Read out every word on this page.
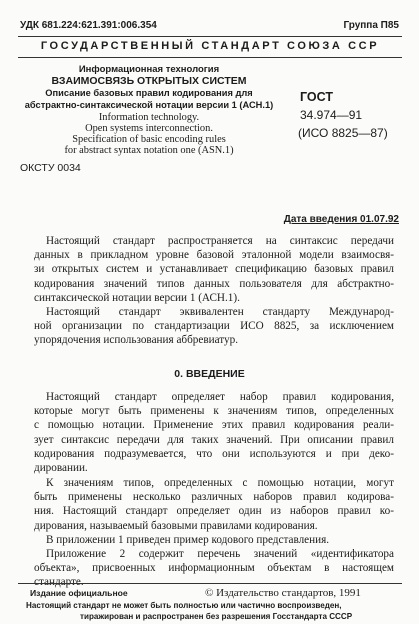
УДК 681.224:621.391:006.354	Группа П85
ГОСУДАРСТВЕННЫЙ СТАНДАРТ СОЮЗА ССР
Информационная технология
ВЗАИМОСВЯЗЬ ОТКРЫТЫХ СИСТЕМ
Описание базовых правил кодирования для
абстрактно-синтаксической нотации версии 1 (АСН.1)
Information technology.
Open systems interconnection.
Specification of basic encoding rules
for abstract syntax notation one (ASN.1)
ГОСТ
34.974—91
(ИСО 8825—87)
ОКСТУ 0034
Дата введения 01.07.92
Настоящий стандарт распространяется на синтаксис передачи
данных в прикладном уровне базовой эталонной модели взаимосвя-
зи открытых систем и устанавливает спецификацию базовых правил
кодирования значений типов данных пользователя для абстрактно-
синтаксической нотации версии 1 (АСН.1).
Настоящий стандарт эквивалентен стандарту Международ-
ной организации по стандартизации ИСО 8825, за исключением
упорядочения использования аббревиатур.
0. ВВЕДЕНИЕ
Настоящий стандарт определяет набор правил кодирования,
которые могут быть применены к значениям типов, определенных
с помощью нотации. Применение этих правил кодирования реали-
зует синтаксис передачи для таких значений. При описании правил
кодирования подразумевается, что они используются и при деко-
дировании.
К значениям типов, определенных с помощью нотации, могут
быть применены несколько различных наборов правил кодирова-
ния. Настоящий стандарт определяет один из наборов правил ко-
дирования, называемый базовыми правилами кодирования.
В приложении 1 приведен пример кодового представления.
Приложение 2 содержит перечень значений «идентификатора
объекта», присвоенных информационным объектам в настоящем
Издание официальное	© Издательство стандартов, 1991
Настоящий стандарт не может быть полностью или частично воспроизведен,
тиражирован и распространен без разрешения Госстандарта СССР
